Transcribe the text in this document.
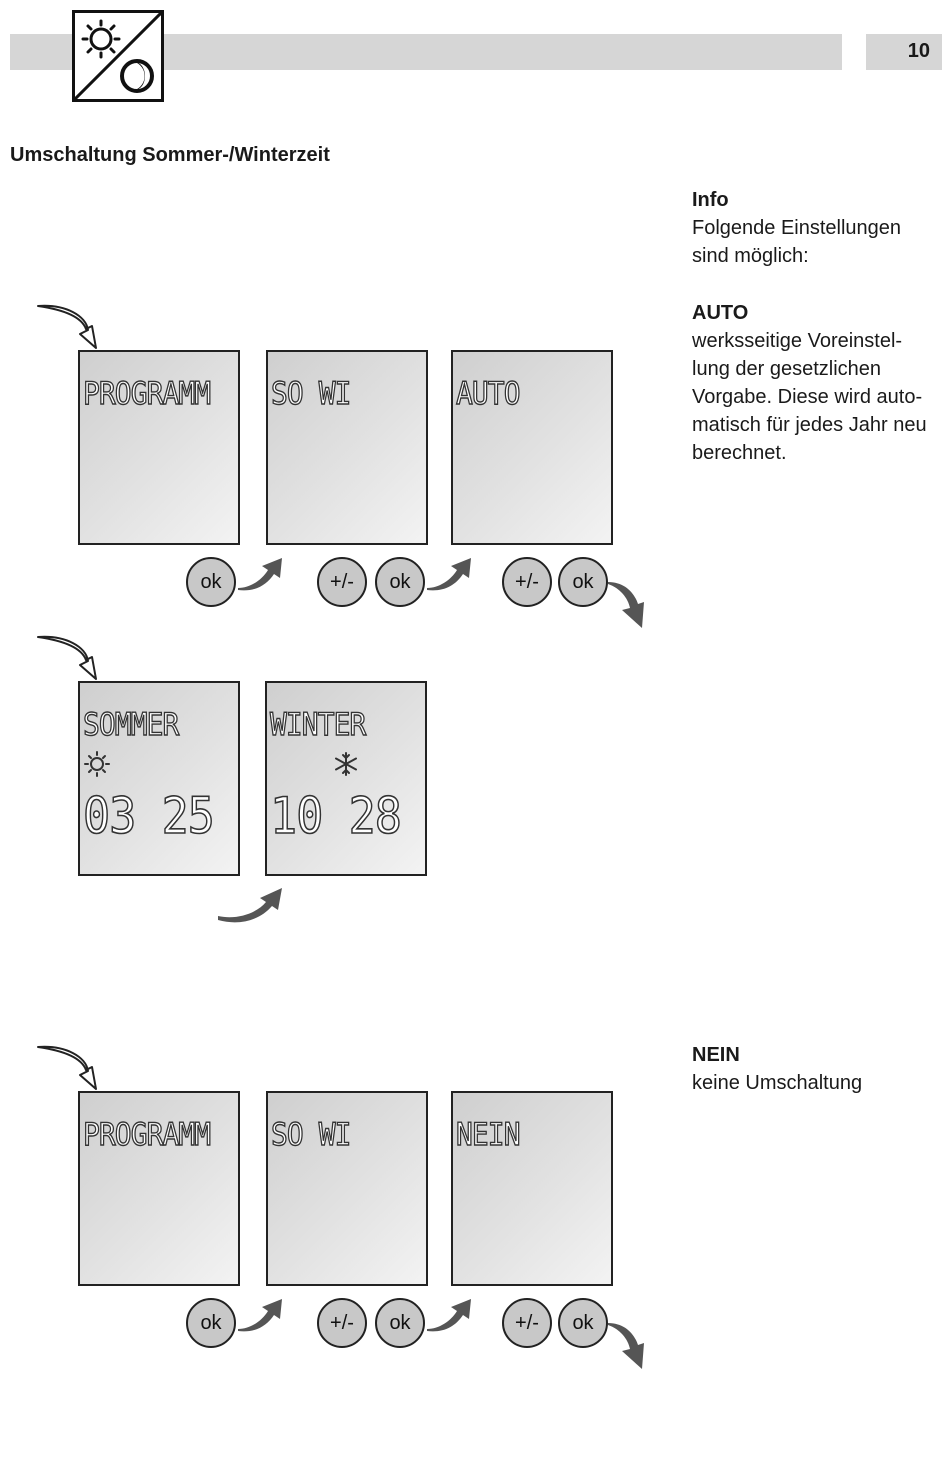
10
Umschaltung Sommer-/Winterzeit
Info
Folgende Einstellungen
sind möglich:
AUTO
werksseitige Voreinstel-
lung der gesetzlichen
Vorgabe. Diese wird auto-
matisch für jedes Jahr neu
berechnet.
NEIN
keine Umschaltung
PROGRAMM SO WI	AUTO
ok	+/-	ok	+/-	ok
SOMMER
03 25
WINTER
10 28
PROGRAMM SO WI	NEIN
ok	+/-	ok	+/-	ok
